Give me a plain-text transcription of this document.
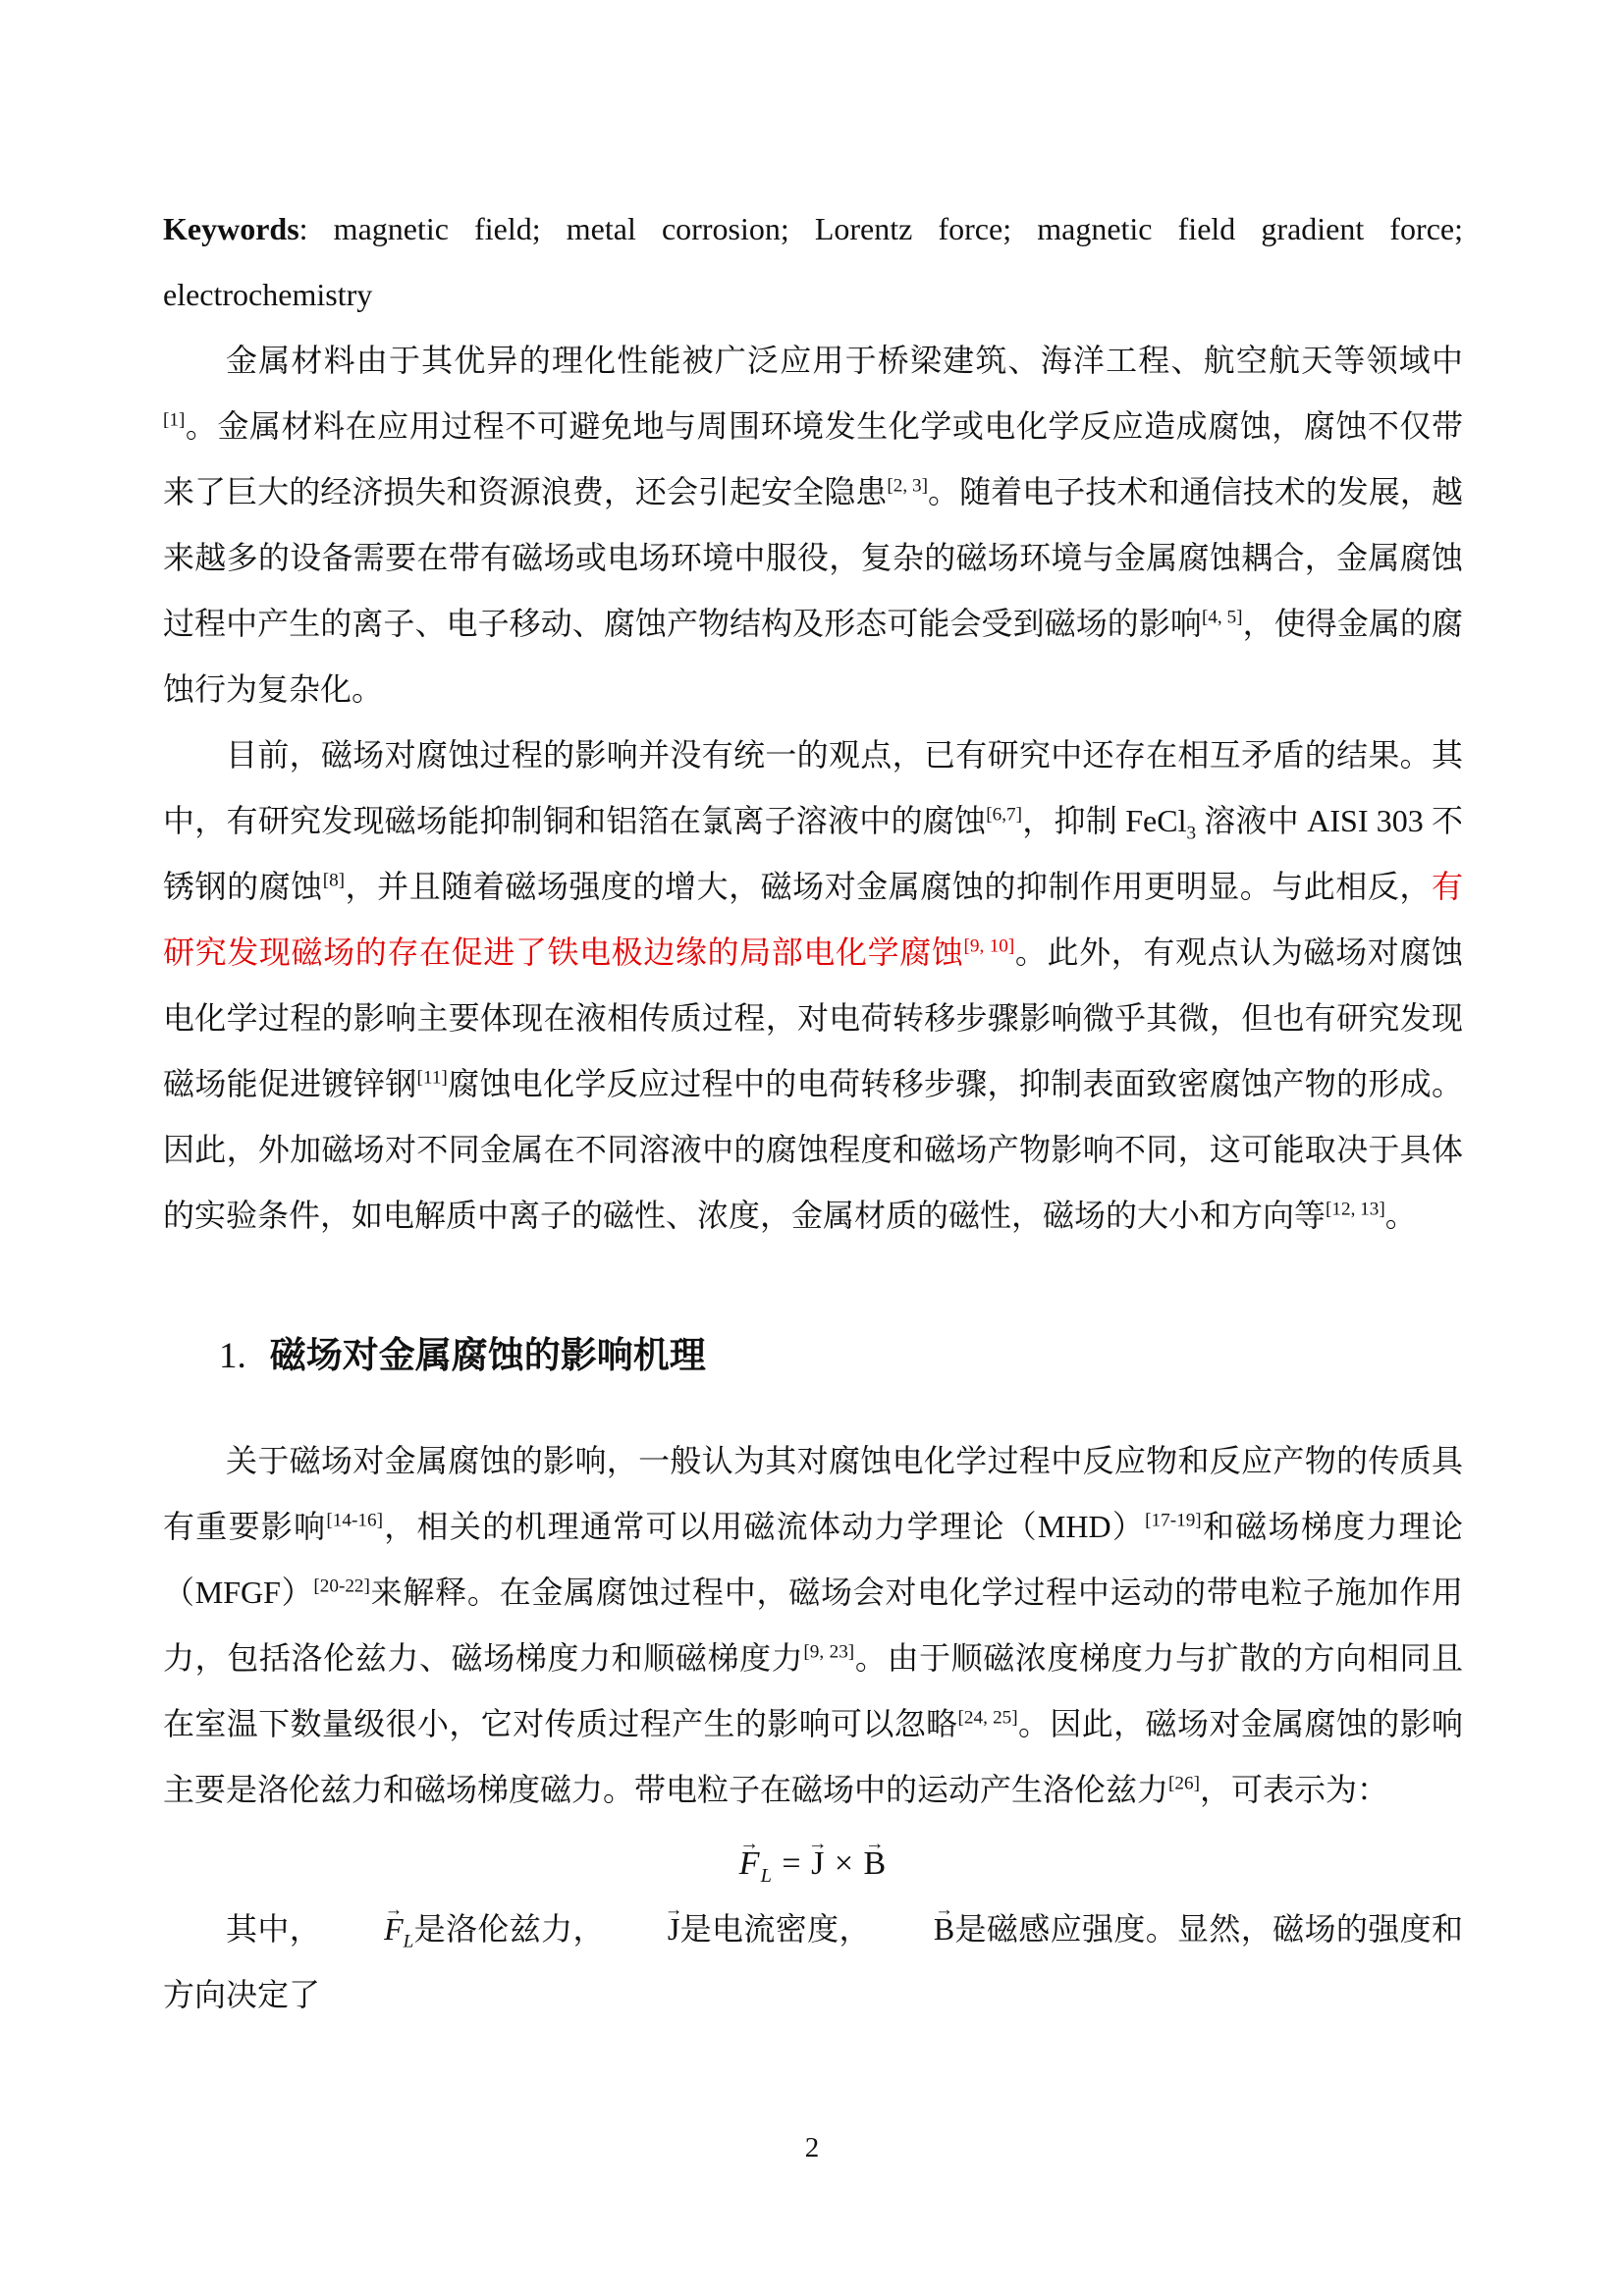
Keywords: magnetic field; metal corrosion; Lorentz force; magnetic field gradient force; electrochemistry

金属材料由于其优异的理化性能被广泛应用于桥梁建筑、海洋工程、航空航天等领域中[1]。金属材料在应用过程不可避免地与周围环境发生化学或电化学反应造成腐蚀，腐蚀不仅带来了巨大的经济损失和资源浪费，还会引起安全隐患[2, 3]。随着电子技术和通信技术的发展，越来越多的设备需要在带有磁场或电场环境中服役，复杂的磁场环境与金属腐蚀耦合，金属腐蚀过程中产生的离子、电子移动、腐蚀产物结构及形态可能会受到磁场的影响[4, 5]，使得金属的腐蚀行为复杂化。

目前，磁场对腐蚀过程的影响并没有统一的观点，已有研究中还存在相互矛盾的结果。其中，有研究发现磁场能抑制铜和铝箔在氯离子溶液中的腐蚀[6,7]，抑制 FeCl$_3$ 溶液中 AISI 303 不锈钢的腐蚀[8]，并且随着磁场强度的增大，磁场对金属腐蚀的抑制作用更明显。与此相反，有研究发现磁场的存在促进了铁电极边缘的局部电化学腐蚀[9, 10]。此外，有观点认为磁场对腐蚀电化学过程的影响主要体现在液相传质过程，对电荷转移步骤影响微乎其微，但也有研究发现磁场能促进镀锌钢[11]腐蚀电化学反应过程中的电荷转移步骤，抑制表面致密腐蚀产物的形成。因此，外加磁场对不同金属在不同溶液中的腐蚀程度和磁场产物影响不同，这可能取决于具体的实验条件，如电解质中离子的磁性、浓度，金属材质的磁性，磁场的大小和方向等[12, 13]。

1. 磁场对金属腐蚀的影响机理

关于磁场对金属腐蚀的影响，一般认为其对腐蚀电化学过程中反应物和反应产物的传质具有重要影响[14-16]，相关的机理通常可以用磁流体动力学理论（MHD）[17-19]和磁场梯度力理论（MFGF）[20-22]来解释。在金属腐蚀过程中，磁场会对电化学过程中运动的带电粒子施加作用力，包括洛伦兹力、磁场梯度力和顺磁梯度力[9, 23]。由于顺磁浓度梯度力与扩散的方向相同且在室温下数量级很小，它对传质过程产生的影响可以忽略[24, 25]。因此，磁场对金属腐蚀的影响主要是洛伦兹力和磁场梯度磁力。带电粒子在磁场中的运动产生洛伦兹力[26]，可表示为：

→ $F_L$ = → J × → B

其中， → $F_L$是洛伦兹力， → J是电流密度， → B是磁感应强度。显然，磁场的强度和方向决定了

2
